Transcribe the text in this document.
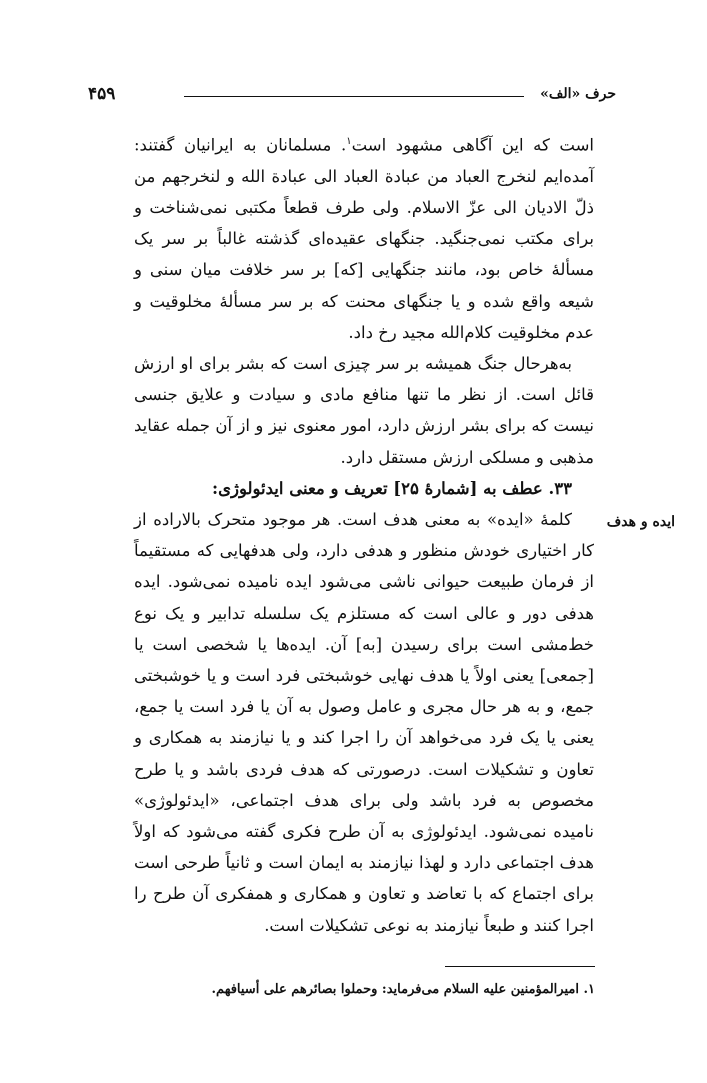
۴۵۹	حرف «الف»
ایده و هدف

است که این آگاهی مشهود است$^۱$. مسلمانان به ایرانیان گفتند: آمده‌ایم لنخرج العباد من عبادة العباد الی عبادة الله و لنخرجهم من ذلّ الادیان الی عزّ الاسلام. ولی طرف قطعاً مکتبی نمی‌شناخت و برای مکتب نمی‌جنگید. جنگهای عقیده‌ای گذشته غالباً بر سر یک مسألهٔ خاص بود، مانند جنگهایی [که] بر سر خلافت میان سنی و شیعه واقع شده و یا جنگهای محنت که بر سر مسألهٔ مخلوقیت و عدم مخلوقیت کلام‌الله مجید رخ داد.

به‌هرحال جنگ همیشه بر سر چیزی است که بشر برای او ارزش قائل است. از نظر ما تنها منافع مادی و سیادت و علایق جنسی نیست که برای بشر ارزش دارد، امور معنوی نیز و از آن جمله عقاید مذهبی و مسلکی ارزش مستقل دارد.

۳۳. عطف به [شمارهٔ ۲۵] تعریف و معنی ایدئولوژی:

کلمهٔ «ایده» به معنی هدف است. هر موجود متحرک بالاراده از کار اختیاری خودش منظور و هدفی دارد، ولی هدفهایی که مستقیماً از فرمان طبیعت حیوانی ناشی می‌شود ایده نامیده نمی‌شود. ایده هدفی دور و عالی است که مستلزم یک سلسله تدابیر و یک نوع خط‌مشی است برای رسیدن [به] آن. ایده‌ها یا شخصی است یا [جمعی] یعنی اولاً یا هدف نهایی خوشبختی فرد است و یا خوشبختی جمع، و به هر حال مجری و عامل وصول به آن یا فرد است یا جمع، یعنی یا یک فرد می‌خواهد آن را اجرا کند و یا نیازمند به همکاری و تعاون و تشکیلات است. درصورتی که هدف فردی باشد و یا طرح مخصوص به فرد باشد ولی برای هدف اجتماعی، «ایدئولوژی» نامیده نمی‌شود. ایدئولوژی به آن طرح فکری گفته می‌شود که اولاً هدف اجتماعی دارد و لهذا نیازمند به ایمان است و ثانیاً طرحی است برای اجتماع که با تعاضد و تعاون و همکاری و همفکری آن طرح را اجرا کنند و طبعاً نیازمند به نوعی تشکیلات است.

۱. امیرالمؤمنین علیه السلام می‌فرماید: وحملوا بصائرهم علی أسیافهم.
